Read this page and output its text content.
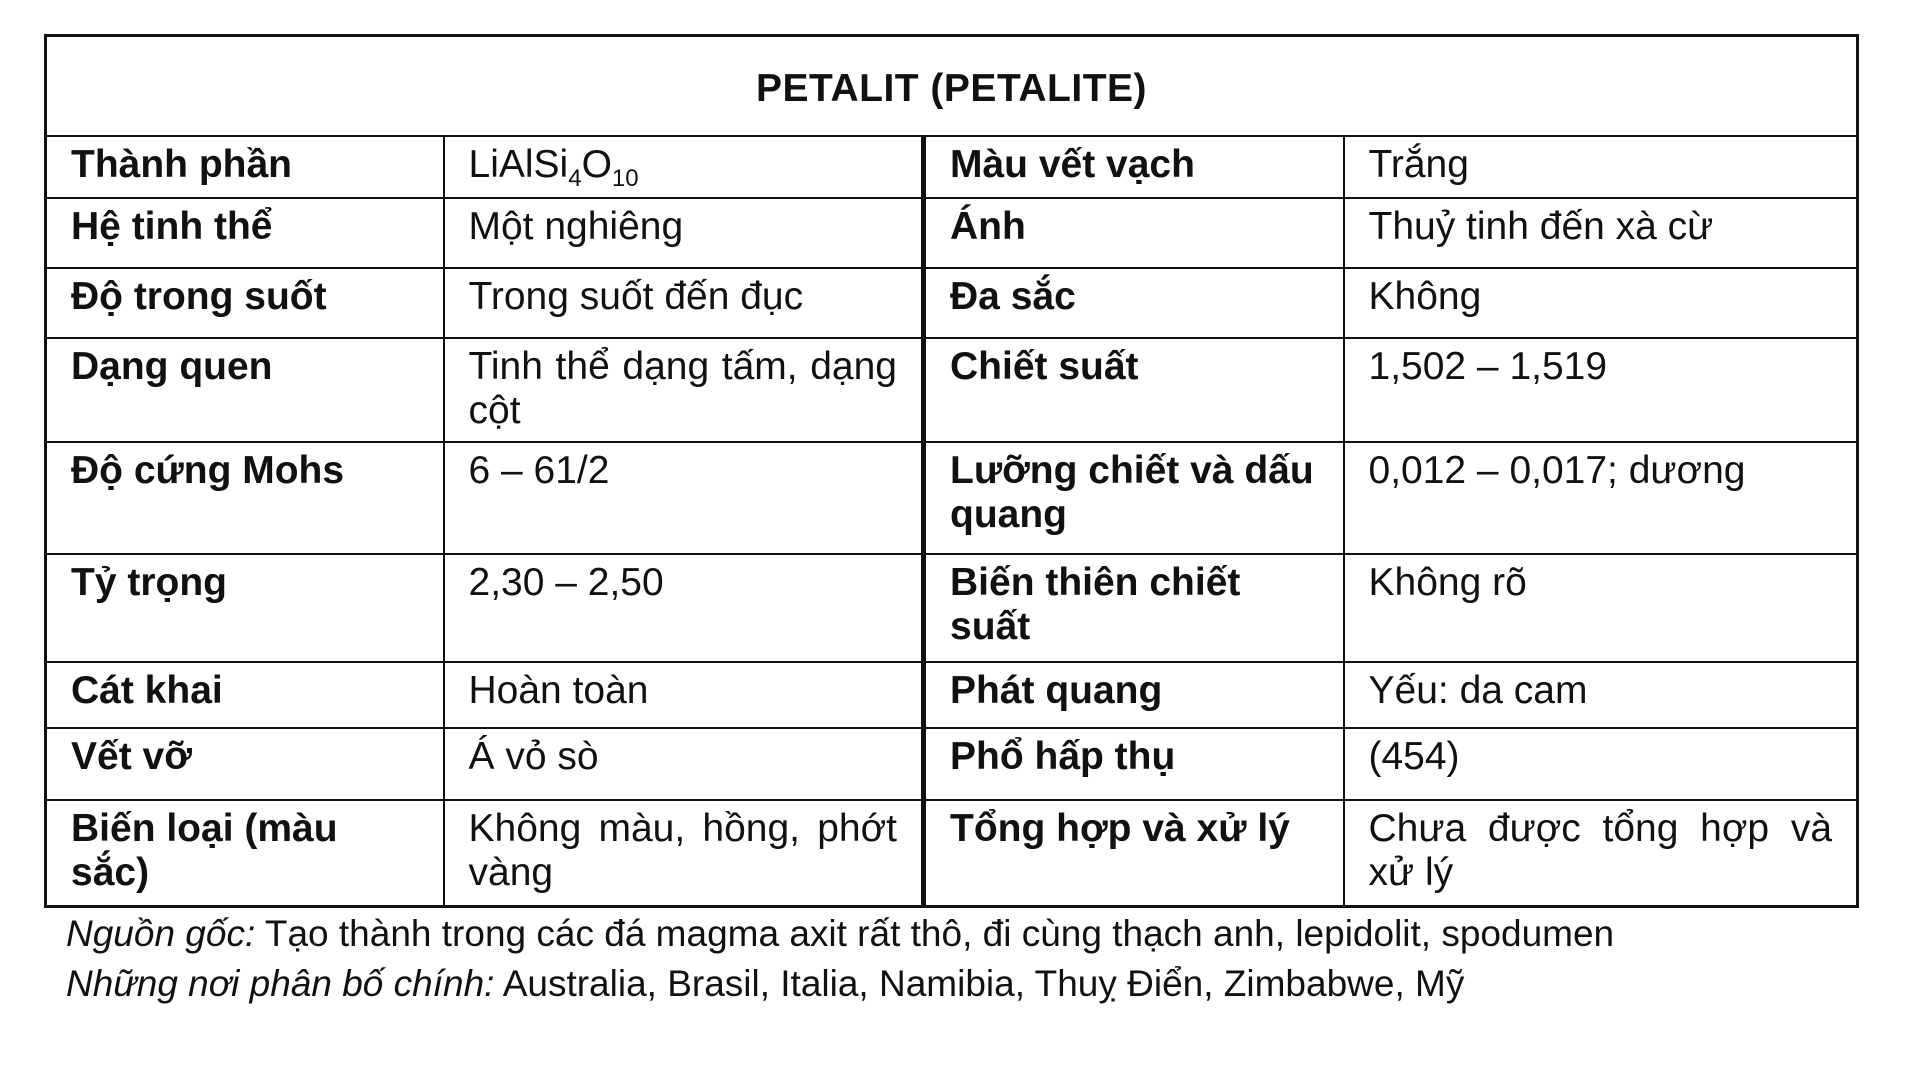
PETALIT (PETALITE)			
Thành phần	$LiAlSi_4O_{10}$	Màu vết vạch	Trắng
Hệ tinh thể	Một nghiêng	Ánh	Thuỷ tinh đến xà cừ
Độ trong suốt	Trong suốt đến đục	Đa sắc	Không
Dạng quen	Tinh thể dạng tấm, dạng cột	Chiết suất	1,502 – 1,519
Độ cứng Mohs	6 – 61/2	Lưỡng chiết và dấu quang	0,012 – 0,017; dương
Tỷ trọng	2,30 – 2,50	Biến thiên chiết suất	Không rõ
Cát khai	Hoàn toàn	Phát quang	Yếu: da cam
Vết vỡ	Á vỏ sò	Phổ hấp thụ	(454)
Biến loại (màu sắc)	Không màu, hồng, phớt vàng	Tổng hợp và xử lý	Chưa được tổng hợp và xử lý

Nguồn gốc: Tạo thành trong các đá magma axit rất thô, đi cùng thạch anh, lepidolit, spodumen

Những nơi phân bố chính: Australia, Brasil, Italia, Namibia, Thuỵ Điển, Zimbabwe, Mỹ
